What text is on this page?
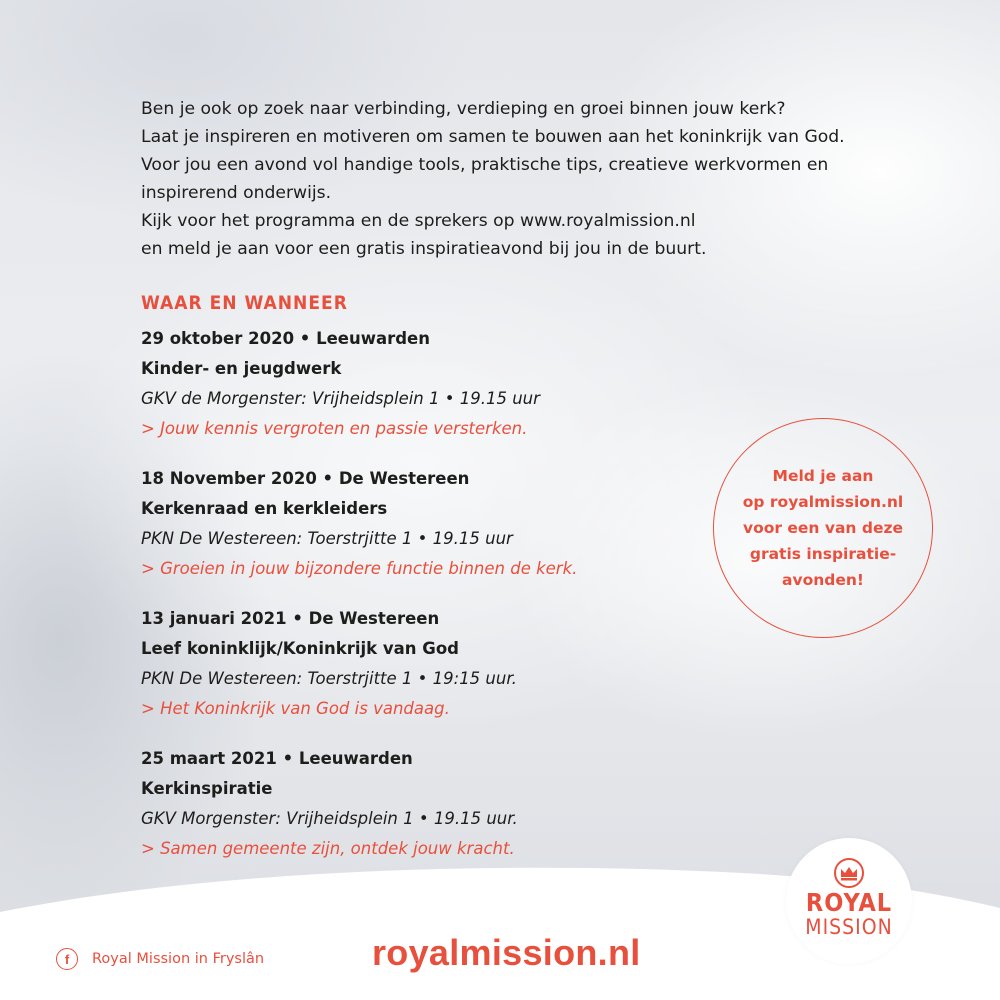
Ben je ook op zoek naar verbinding, verdieping en groei binnen jouw kerk?
Laat je inspireren en motiveren om samen te bouwen aan het koninkrijk van God.
Voor jou een avond vol handige tools, praktische tips, creatieve werkvormen en
inspirerend onderwijs.
Kijk voor het programma en de sprekers op www.royalmission.nl
en meld je aan voor een gratis inspiratieavond bij jou in de buurt.
WAAR EN WANNEER
29 oktober 2020 • Leeuwarden
Kinder- en jeugdwerk
GKV de Morgenster: Vrijheidsplein 1 • 19.15 uur
> Jouw kennis vergroten en passie versterken.
18 November 2020 • De Westereen
Kerkenraad en kerkleiders
PKN De Westereen: Toerstrjitte 1 • 19.15 uur
> Groeien in jouw bijzondere functie binnen de kerk.
13 januari 2021 • De Westereen
Leef koninklijk/Koninkrijk van God
PKN De Westereen: Toerstrjitte 1 • 19:15 uur.
> Het Koninkrijk van God is vandaag.
25 maart 2021 • Leeuwarden
Kerkinspiratie
GKV Morgenster: Vrijheidsplein 1 • 19.15 uur.
> Samen gemeente zijn, ontdek jouw kracht.
Meld je aan
op royalmission.nl
voor een van deze
gratis inspiratie-
avonden!
f	Royal Mission in Fryslân	royalmission.nl

ROYAL
MISSION
